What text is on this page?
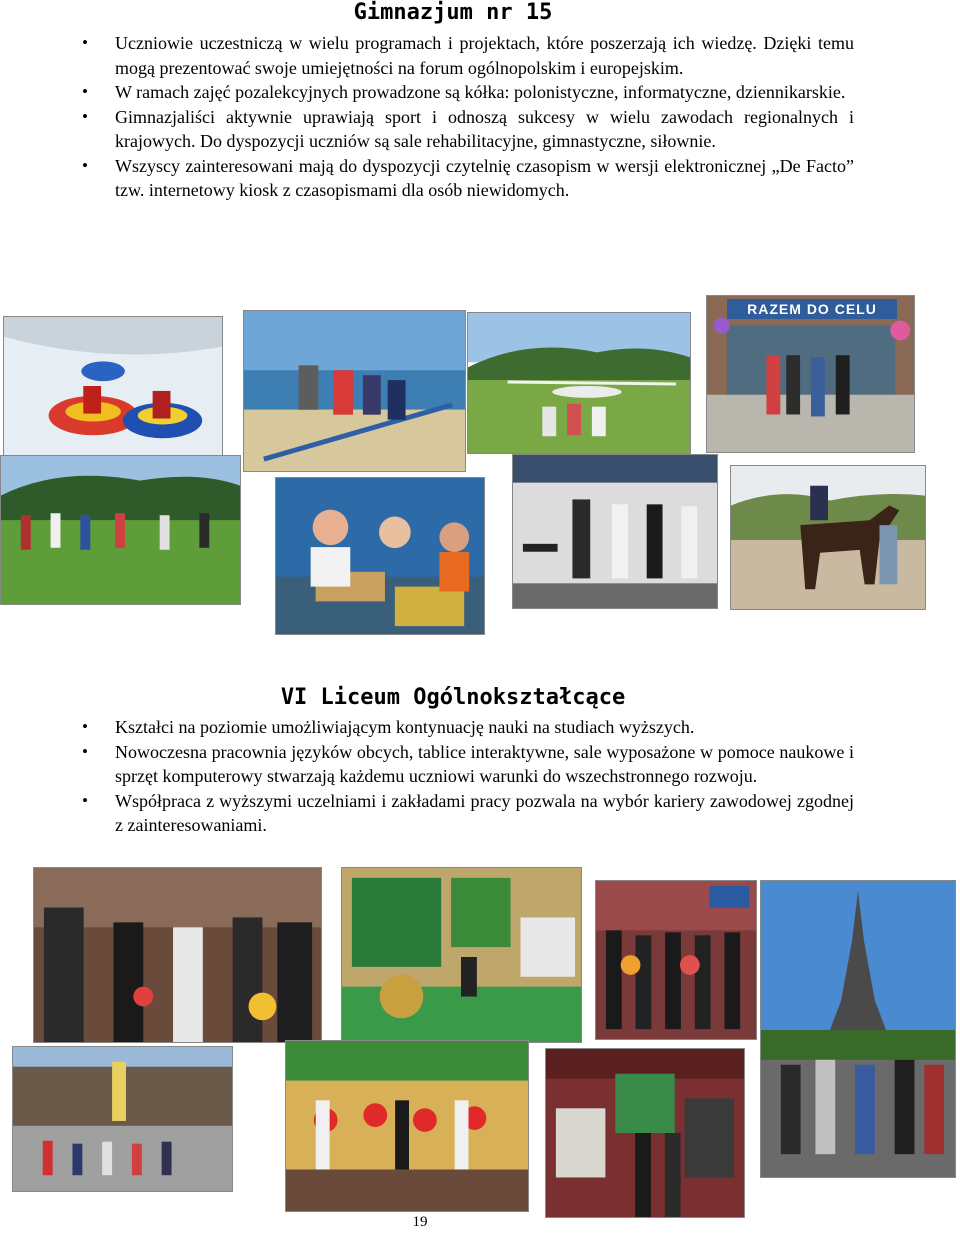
Gimnazjum nr 15
• Uczniowie uczestniczą w wielu programach i projektach, które poszerzają ich wiedzę. Dzięki temu mogą prezentować swoje umiejętności na forum ogólnopolskim i europejskim.
• W ramach zajęć pozalekcyjnych prowadzone są kółka: polonistyczne, informatyczne, dziennikarskie.
• Gimnazjaliści aktywnie uprawiają sport i odnoszą sukcesy w wielu zawodach regionalnych i krajowych. Do dyspozycji uczniów są sale rehabilitacyjne, gimnastyczne, siłownie.
• Wszyscy zainteresowani mają do dyspozycji czytelnię czasopism w wersji elektronicznej „De Facto” tzw. internetowy kiosk z czasopismami dla osób niewidomych.
RAZEM DO CELU
VI Liceum Ogólnokształcące
• Kształci na poziomie umożliwiającym kontynuację nauki na studiach wyższych.
• Nowoczesna pracownia języków obcych, tablice interaktywne, sale wyposażone w pomoce naukowe i sprzęt komputerowy stwarzają każdemu uczniowi warunki do wszechstronnego rozwoju.
• Współpraca z wyższymi uczelniami i zakładami pracy pozwala na wybór kariery zawodowej zgodnej z zainteresowaniami.
19
